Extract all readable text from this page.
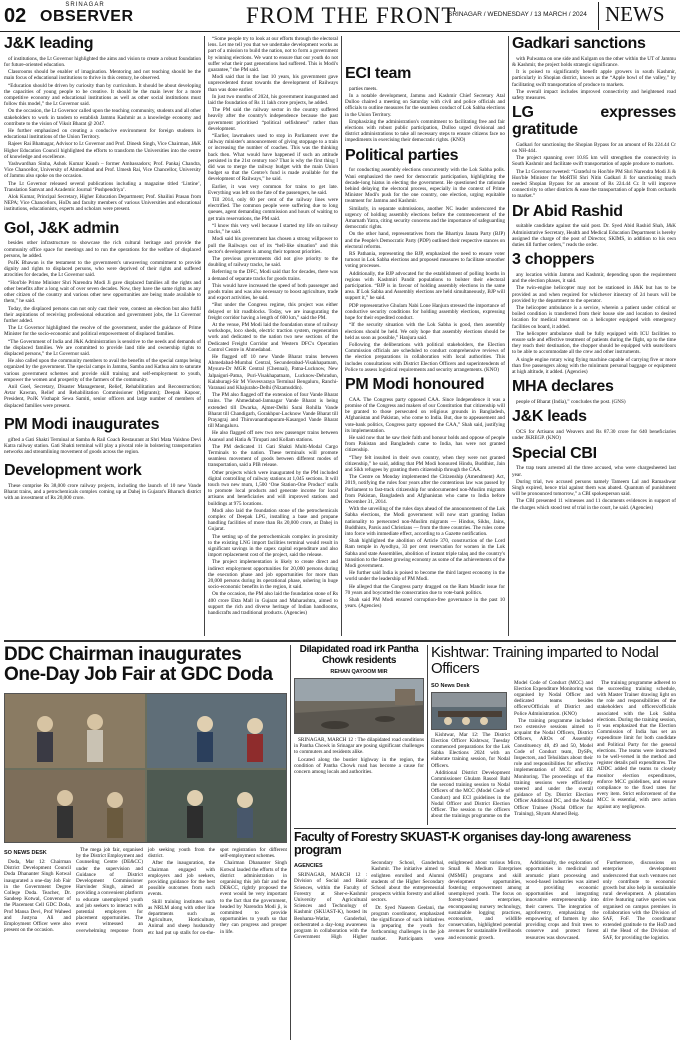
02	SRINAGAR
OBSERVER	FROM THE FRONT
SRINAGAR / WEDNESDAY / 13 MARCH / 2024 NEWS
J&K leading

of institutions, the Lt Governor highlighted the aims and vision to create a robust foundation for future-oriented education.

Classrooms should be enabler of imagination. Mentoring and not teaching should be the main focus of educational institutions to thrive in this century, he observed.

“Education should be driven by curiosity than by curriculum. It should be about developing the capacities of young people to be creative. It should be the main lever for a more competitive economy and educational institutions as well as other social institutions must follow this model,” the Lt Governor said.

On the occasion, the Lt Governor called upon the teaching community, students and all other stakeholders to work in tandem to establish Jammu Kashmir as a knowledge economy and contribute to the vision of Viksit Bharat @ 2047.

He further emphasized on creating a conducive environment for foreign students in educational institutions of the Union Territory.

Rajeev Rai Bhatnagar, Advisor to Lt Governor and Prof. Dinesh Singh, Vice Chairman, J&K Higher Education Council highlighted the efforts to transform the Universities into the centre of knowledge and excellence.

Yashwardhan Sinha, Ashok Kumar Kaush – former Ambassadors; Prof. Pankaj Chandra, Vice Chancellor, University of Ahmedabad and Prof. Umesh Rai, Vice Chancellor, University of Jammu also spoke on the occasion.

The Lt Governor released several publications including a magazine titled ‘Lintine’, Translation Samvat and Academic Journal ‘Pushpendriya’.

Alok Kumar, Principal Secretary, Higher Education Department; Prof. Shailini Prasan from NEPA; Vice Chancellors, HoDs and faculty members of various Universities and educational institutions, educationists, experts and scholars were present.

Gol, J&K admin

besides other infrastructure to showcase the rich cultural heritage and provide the community office space for meetings and to run the operations for the welfare of displaced persons, he added.

PoJK Bhawan is the testament to the government's unwavering commitment to provide dignity and rights to displaced persons, who were deprived of their rights and suffered atrocities for decades, the Lt Governor said.

“Hon'ble Prime Minister Shri Narendra Modi Ji gave displaced families all the rights and other benefits after a long wait of over seven decades. Now, they have the same rights as any other citizen of the country and various other new opportunities are being made available to them,” he said.

Today, the displaced persons can not only cast their vote, contest an election but also fulfil their aspirations of receiving professional education and government jobs, the Lt Governor further added.

The Lt Governor highlighted the resolve of the government, under the guidance of Prime Minister for the socio-economic and political empowerment of displaced families.

“The Government of India and J&K Administration is sensitive to the needs and demands of the displaced families. We are committed to provide land title and ownership rights to displaced persons,” the Lt Governor said.

He also called upon the community members to avail the benefits of the special camps being organized by the government. The special camps in Jammu, Samba and Kathua aim to saturate various government schemes and provide skill training and self-employment to youth, empower the women and prosperity of the farmers of the community.

Anil Goel, Secretary, Disaster Management, Relief, Rehabilitation and Reconstruction; Avtar Kawran, Relief and Rehabilitation Commissioner (Migrants); Deepak Kapoor, President, PoJK Visthapit Sewa Samiti, senior officers and large number of members of displaced families were present.

PM Modi inaugurates

gifted a Gati Shakti Terminal at Samba & Rail Coach Restaurant at Shri Mata Vaishno Devi Katra railway station. Gati Shakti terminal will play a pivotal role in bolstering transportation networks and streamlining movement of goods across the region.

Development work

These comprise Rs 38,000 crore railway projects, including the launch of 10 new Vande Bharat trains, and a petrochemicals complex coming up at Dahej in Gujarat's Bharuch district with an investment of Rs 20,000 crore.

“Some people try to look at our efforts through the electoral lens. Let me tell you that we undertake development works as part of a mission to build the nation, not to form a government by winning elections. We want to ensure that our youth do not suffer what their past generations had suffered. This is Modi's guarantee,” the PM said.

Modi said that in the last 10 years, his government gave unprecedented thrust towards the development of Railways than was done earlier.

In just two months of 2024, his government inaugurated and laid the foundation of Rs 11 lakh crore projects, he added.

The PM said the railway sector in the country suffered heavily after the country's independence because the past government prioritised “political selfishness” rather than development.

“Earlier, lawmakers used to stop in Parliament over the railway minister's announcement of giving stoppage to a train or increasing the number of coaches. This was the thinking back then. What would have happened if such an attitude persisted in the 21st century too? That is why the first thing I did was to merge the railway budget with the main Union budget so that the Centre's fund is made available for the development of Railways,” he said.

Earlier, it was very common for trains to get late. Everything was left on the fate of the passengers, he said.

Till 2014, only 60 per cent of the railway lines were electrified. The common people were suffering due to long queues, agent demanding commission and hours of waiting to get train reservations, the PM said.

“I know this very well because I started my life on railway tracks,” he said.

Modi said his government has chosen a strong willpower to pull the Railways out of its “hell-like situation” and this sector's development is among their topmost priorities.

The previous governments did not give priority to the doubling of railway tracks, he said.

Referring to the DFC, Modi said that for decades, there was a demand of separate tracks for goods trains.

This would have increased the speed of both passenger and goods trains and was also necessary to boost agriculture, trade and export activities, he said.

“But under the Congress regime, this project was either delayed or hit roadblocks. Today, we are inaugurating the freight corridor having a length of 600 km,” said the PM.

At the venue, PM Modi laid the foundation stone of railway workshops, loco sheds, electric traction system, regeneration work and dedicated to the nation two new sections of the Dedicated Freight Corridor and Western DFC's Operation Control Centre in Ahmedabad.

He flagged off 10 new Vande Bharat trains between Ahmedabad-Mumbai Central, Secunderabad-Visakhapatnam, Mysuru-Dr MGR Central (Chennai), Patna-Lucknow, New Jalpaiguri-Patna, Puri-Visakhapatnam, Lucknow-Dehradun, Kalaburagi-Sir M Visvesvaraya Terminal Bengaluru, Ranchi-Varanasi and Khajuraho-Delhi (Nizamuddin).

The PM also flagged off the extension of four Vande Bharat trains. The Ahmedabad-Jamnagar Vande Bharat is being extended till Dwarka, Ajmer-Delhi Sarai Rohilla Vande Bharat till Chandigarh, Gorakhpur-Lucknow Vande Bharat till Prayagraj and Thiruvananthapuram-Kasargod Vande Bharat till Mangaluru.

He also flagged off new two new passenger trains between Asansol and Hatia & Tirupati and Kollam stations.

The PM dedicated 11 Gati Shakti Multi-Modal Cargo Terminals to the nation. These terminals will promote seamless movement of goods between different modes of transportation, said a PIB release.

Other projects which were inaugurated by the PM included digital controlling of railway stations at 1,045 sections. It will touch two new mum, 1,500 ‘One Station-One Product’ stalls to promote local products and generate income for local artisans and beneficiaries and will improved stations and buildings at 975 locations.

Modi also laid the foundation stone of the petrochemicals complex of Deepak LPG, installing a base and propane handling facilities of more than Rs 20,000 crore, at Dahej in Gujarat.

The setting up of the petrochemicals complex in proximity to the existing LNG import facilities terminal would result in significant savings in the capex capital expenditure and also import replacement cost of the project, said the release.

The project implementation is likely to create direct and indirect employment opportunities for 20,000 persons during the execution phase and job opportunities for more than 20,000 persons during its operational phase, ushering in huge socio-economic benefits in the region, it said.

On the occasion, the PM also laid the foundation stone of Rs 400 crore Ekta Mall in Gujarat and Maharashtra, aimed to support the rich and diverse heritage of Indian handlooms, handicrafts and traditional products. (Agencies)

ECI team

parties meets.

In a notable development, Jammu and Kashmir Chief Secretary Atal Dulloo chaired a meeting on Saturday with civil and police officials and officials to outline measures for the seamless conduct of Lok Sabha elections in the Union Territory.

Emphasizing the administration's commitment to facilitating free and fair elections with robust public participation, Dulloo urged divisional and district administrations to take all necessary steps to ensure citizens face no impediments in exercising their democratic rights. (KNO)

Political parties

for conducting assembly elections concurrently with the Lok Sabha polls. Wani emphasized the need for democratic participation, highlighting the decade-long hiatus in electing the government. He questioned the rationale behind delaying the electoral process, especially in the context of Prime Minister Modi's push for the one country, one election, urging equitable treatment for Jammu and Kashmir.

Similarly, in separate submissions, another NC leader underscored the urgency of holding assembly elections before the commencement of the Amarnath Yatra, citing security concerns and the importance of safeguarding democratic rights.

On the other hand, representatives from the Bhartiya Janata Party (BJP) and the People's Democratic Party (PDP) outlined their respective stances on electoral reforms.

RS Pathania, representing the BJP, emphasized the need to ensure voter turnout in Lok Sabha elections and proposed measures to facilitate smoother voting processes.

Additionally, the BJP advocated for the establishment of polling booths in regions with Kashmiri Pandit populations to bolster their electoral participation. “BJP is in favour of holding assembly elections in the same area. If Lok Sabha and Assembly elections are held simultaneously, BJP will support it,” he said.

PDP representative Ghulam Nabi Lone Hanjura stressed the importance of conductive security conditions for holding assembly elections, expressing hope for their expedited conduct.

“If the security situation with the Lok Sabha is good, then assembly elections should be held. We only hope that assembly elections should be held as soon as possible,” Hanjura said.

Following the deliberations with political stakeholders, the Election Commission officials are scheduled to conduct comprehensive reviews of the election preparations in collaboration with local authorities. This includes consultations with District Election Officers and superintendents of Police to assess logistical requirements and security arrangements. (KNO)

PM Modi honoured

CAA. The Congress party opposed CAA. Since Independence it was a promise of the Congress and makers of our Constitution that citizenship will be granted to those persecuted on religious grounds in Bangladesh, Afghanistan and Pakistan, who come to India. But, due to appeasement and vote-bank politics, Congress party opposed the CAA,” Shah said, justifying its implementation.

He said now that he saw their faith and honour holds and oppose of people from Pakistan and Bangladesh came to India, has were not granted citizenship.

“They felt insulted in their own country, when they were not granted citizenship,” he said, adding that PM Modi honoured Hindu, Buddhist, Jain and Sikh refugees by granting them citizenship through the CAA.

The Centre on Monday implemented the Citizenship (Amendment) Act, 2019, notifying the rules four years after the contentious law was passed by Parliament to fast-track citizenship for undocumented non-Muslim migrants from Pakistan, Bangladesh and Afghanistan who came to India before December 31, 2014.

With the unveiling of the rules days ahead of the announcement of the Lok Sabha elections, the Modi government will now start granting Indian nationality to persecuted non-Muslim migrants — Hindus, Sikhs, Jains, Buddhists, Parsis and Christians — from the three countries. The rules come into force with immediate effect, according to a Gazette notification.

Shah highlighted the abolition of Article 370, construction of the Lord Ram temple in Ayodhya, 33 per cent reservation for women in the Lok Sabha and state Assemblies, abolition of instant triple talaq and the country's transition to the fastest growing economy as some of the achievements of the Modi government.

He further said India is poised to become the third largest economy in the world under the leadership of PM Modi.

He alleged that the Congress party dragged on the Ram Mandir issue for 70 years and boycotted the consecration due to vote-bank politics.

Shah said PM Modi ensured corruption-free governance in the past 10 years. (Agencies)

Gadkari sanctions

with Pulwama on one side and Kulgam on the other within the UT of Jammu & Kashmir, the project holds strategic significance.

It is poised to significantly benefit apple growers in south Kashmir, particularly in Shopian district, known as the “Apple bowl of the valley,” by facilitating swift transportation of produce to markets.

The overall impact includes improved connectivity and heightened road safety measures.

LG expresses gratitude

Gadkari for sanctioning the Shopian Bypass for an amount of Rs 224.44 Cr on NH-444.

The project spanning over 10.85 km will strengthen the connectivity in South Kashmir and facilitate swift transportation of apple produce to markets.

The Lt Governor tweeted: “Grateful to Hon'ble PM Shri Narendra Modi Ji & Hon'ble Minister for MoRTH Shri Nitin Gadkari Ji for sanctioning much needed Shopian Bypass for an amount of Rs 224.44 Cr. It will improve connectivity to other districts & ease the transportation of apple from orchards to market.”

Dr Abid Rashid

suitable candidate against the said post. Dr. Syed Abid Rashid Shah, J&K Administrative Secretary, Health and Medical Education Department is hereby assigned the charge of the post of Director, SKIMS, in addition to his own duties till further orders,” reads the order.

3 choppers

any location within Jammu and Kashmir, depending upon the requirement and the election phases, it said.

The twin-engine helicopter may not be stationed in J&K but has to be provided as and when required for whichever itinerary of 24 hours will be provided by the department to the operator.

The helicopter ambulance is a service, wherein a patient under critical or boiled condition is transferred from their house site and location to desired location for medical treatment on a helicopter equipped with emergency facilities on board, it added.

The helicopter ambulance shall be fully equipped with ICU facilities to ensure safe and effective treatment of patients during the flight, up to the time they reach their destination, the chopper should be equipped with seats/doors to be able to accommodate all the crew and other instruments.

A single engine rotary wing flying machine capable of carrying five or more than five passengers along with the minimum personal baggage or equipment at high altitude, it added. (Agencies)

MHA declares

people of Bharat (India),” concludes the post. (GNS)

J&K leads

OCS for Artisans and Weavers and Rs 87.30 crore for 640 beneficiaries under JKREGP. (KNO)

Special CBI

The trap team arrested all the three accused, who were chargesheeted last year.

During trial, two accused persons namely Tameem Lal and Ramashwar Singh expired, hence trial against them was abated. Quantum of punishment will be pronounced tomorrow,” a CBI spokesperson said.

The CBI presented 11 witnesses and 11 documents evidences in support of the charges which stood test of trial in the court, he said. (Agencies)

DDC Chairman inaugurates One-Day Job Fair at GDC Doda
SO NEWS DESK

Doda, Mar 12: Chairman District Development Council Doda Dhananter Singh Kotwal inaugurated a one-day Job Fair in the Government Degree College Doda. Teacher, Dr. Sandeep Kotwal, Convenor of the Placement Cell GDC Doda, Prof Mansa Devi, Prof Waheed and Justyna Ali and Employment Officer were also present on the occasion.

The mega job fair, organised by the District Employment and Counseling Centre (DE&CC) under the supervision and Guidance of District Development Commissioner Harvinder Singh, aimed at providing a convenient platform to educate unemployed youth and job seekers to interact with potential employers for placement opportunities. The event witnessed an overwhelming response from job seeking youth from the district.

After the inauguration, the Chairman engaged with employers and job seekers, providing guidance for the best possible outcomes from such events.

Skill training institutes such as NRLM along with other line departments such as Agriculture, Horticulture, Animal and sheep husbandry etc had put up stalls for on-the-spot registration for different self-employment schemes.

Chairman Dhananter Singh Kotwal lauded the efforts of the district administration in organising this job fair and the DE&CC, rightly proposed the event would be very important to the fact that the government, headed by Narendra Modi ji, is committed to provide opportunities to youth so that they can progress and prosper in life.

Dilapidated road irk Pantha Chowk residents
REHAN QAYOOM MIR

SRINAGAR, MARCH 12 : The dilapidated road conditions in Pantha Chowk in Srinagar are posing significant challenges to commuters and residents alike.

Located along the bustier highway in the region, the condition of Pantha Chowk road has become a cause for concern among locals and authorities.

Kishtwar: Training imparted to Nodal Officers
SO News Desk

Kishtwar, Mar 12: The District Election Officer Kishtwar, Tuesday commenced preparations for the Lok Sabha Elections 2024 with an elaborate training session, for Nodal Officers.

Additional District Development Commissioner Ghulam Rasool Bahl the second training session to Nodal Officers of the MCC (Model Code of Conduct) and ECI guidelines in the Nodal Officer and District Election Officer. The session to the officers about the trainings programme on the Model Code of Conduct (MCC) and Election Expenditure Monitoring was organised by Nodal Officer and dedicated teams besides officers/Officials of District and Police Administration. (KNO)

The training programme included two extensive sessions aimed to acquaint the Nodal Officers, District Officers, AROs of Assembly Constituency 48, 49 and 50, Model Code of Conduct team, DySPs, Inspectors, and Tehsildars about their role and responsibilities for effective implementation of MCC and EE Monitoring. The proceedings of the training sessions were efficiently steered and under the overall guidance of Dy. District Election Officer Additional DC, and the Nodal Officer Trainee (Nodal Officer for Training), Shyam Ahmed Beig.

The training programme adhered to the succeeding training schedule, with Master Trainer drawing light on the role and responsibilities of the stakeholders and officers/officials associated with the Lok Sabha elections. During the training session, it was emphasized that the Election Commission of India has set an expenditure limit for both candidate and Political Party for the general elections. The teams were instructed to be well-versed in the method and register details poll expenditures. The ADDC added the teams to closely monitor election expenditures, enforce MCC guidelines, and ensure compliance to the fixed rates for every item. Strict enforcement of the MCC is essential, with zero action against any negligence.

Faculty of Forestry SKUAST-K organises day-long awareness program
AGENCIES

SRINAGAR, MARCH 12 : Division of Social and Basic Sciences, within the Faculty of Forestry at Sher-e-Kashmir University of Agricultural Sciences and Technology of Kashmir (SKUAST-K), hosted its Benhama-Watlar, Ganderbal, orchestrated a day-long awareness program in collaboration with the Government High Higher Secondary School, Ganderbal, Kashmir. The initiative aimed to enlighten enrolled and Alumni students of the Higher Secondary School about the entrepreneurial prospects within forestry and allied sectors.

Dr. Syed Naseem Geelani, the program coordinator, emphasized the significance of such initiatives in preparing the youth for forthcoming challenges in the job market. Participants were enlightened about various Micro, Small & Medium Enterprises (MSME) programs and skill development opportunities, fostering empowerment among unemployed youth. The focus on forestry-based enterprises, encompassing nursery technology, sustainable logging practices, ecotourism, and wildlife conservation, highlighted potential avenues for sustainable livelihoods and economic growth.

Additionally, the exploration of opportunities in medicinal and aromatic plant processing and wood-based industries was aimed at providing economic opportunities and integrating innovative entrepreneurship into their careers. The integration of agroforestry, emphasizing the empowering of farmers by also providing crops and fruit trees to conserve and protect forest resources was showcased.

Furthermore, discussions on enterprise development underscored that such ventures not only contribute to economic growth but also help in sustainable rural development. A plantation drive featuring native species was organised on campus premises in collaboration with the Division of SAF, FoF. The coordinator extended gratitude to the HoD and all the Head of the Division of SAF, for providing the logistics.
